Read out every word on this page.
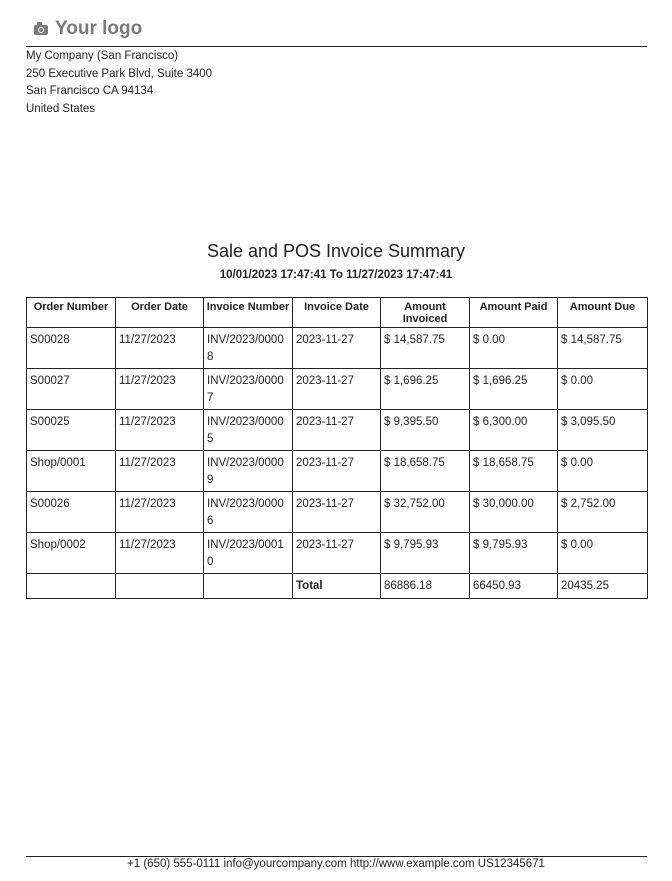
Your logo
My Company (San Francisco)
250 Executive Park Blvd, Suite 3400
San Francisco CA 94134
United States
Sale and POS Invoice Summary
10/01/2023 17:47:41 To 11/27/2023 17:47:41
Order Number	Order Date	Invoice Number	Invoice Date	Amount Invoiced	Amount Paid	Amount Due
S00028	11/27/2023	INV/2023/00008	2023-11-27	$ 14,587.75	$ 0.00	$ 14,587.75
S00027	11/27/2023	INV/2023/00007	2023-11-27	$ 1,696.25	$ 1,696.25	$ 0.00
S00025	11/27/2023	INV/2023/00005	2023-11-27	$ 9,395.50	$ 6,300.00	$ 3,095.50
Shop/0001	11/27/2023	INV/2023/00009	2023-11-27	$ 18,658.75	$ 18,658.75	$ 0.00
S00026	11/27/2023	INV/2023/00006	2023-11-27	$ 32,752.00	$ 30,000.00	$ 2,752.00
Shop/0002	11/27/2023	INV/2023/00010	2023-11-27	$ 9,795.93	$ 9,795.93	$ 0.00
			Total	86886.18	66450.93	20435.25
+1 (650) 555-0111 info@yourcompany.com http://www.example.com US12345671
